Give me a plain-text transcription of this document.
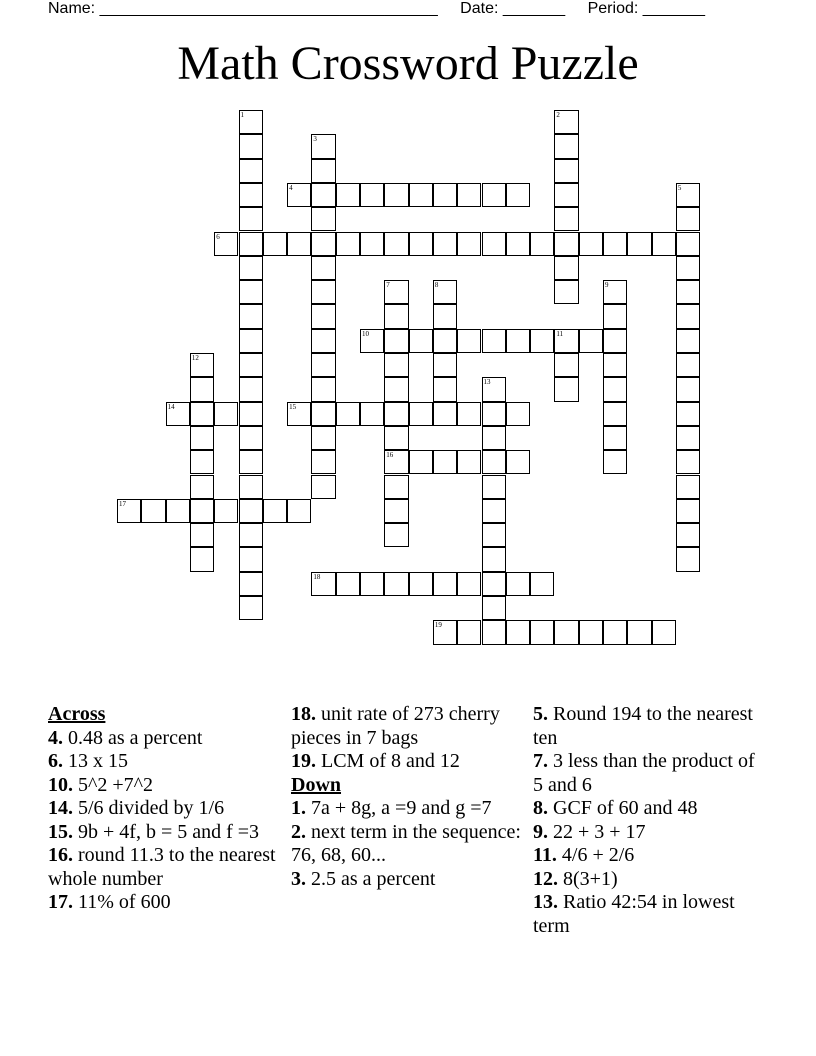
Name: ______________________________________ Date: _______ Period: _______
Math Crossword Puzzle
1	2
3
4	5
6
7	8	9
10	11
12
13
14	15
16
17
18
19
Across
4. 0.48 as a percent
6. 13 x 15
10. 5^2 +7^2
14. 5/6 divided by 1/6
15. 9b + 4f, b = 5 and f =3
16. round 11.3 to the nearest whole number
17. 11% of 600
18. unit rate of 273 cherry pieces in 7 bags
19. LCM of 8 and 12
Down
1. 7a + 8g, a =9 and g =7
2. next term in the sequence: 76, 68, 60...
3. 2.5 as a percent
5. Round 194 to the nearest ten
7. 3 less than the product of 5 and 6
8. GCF of 60 and 48
9. 22 + 3 + 17
11. 4/6 + 2/6
12. 8(3+1)
13. Ratio 42:54 in lowest term
